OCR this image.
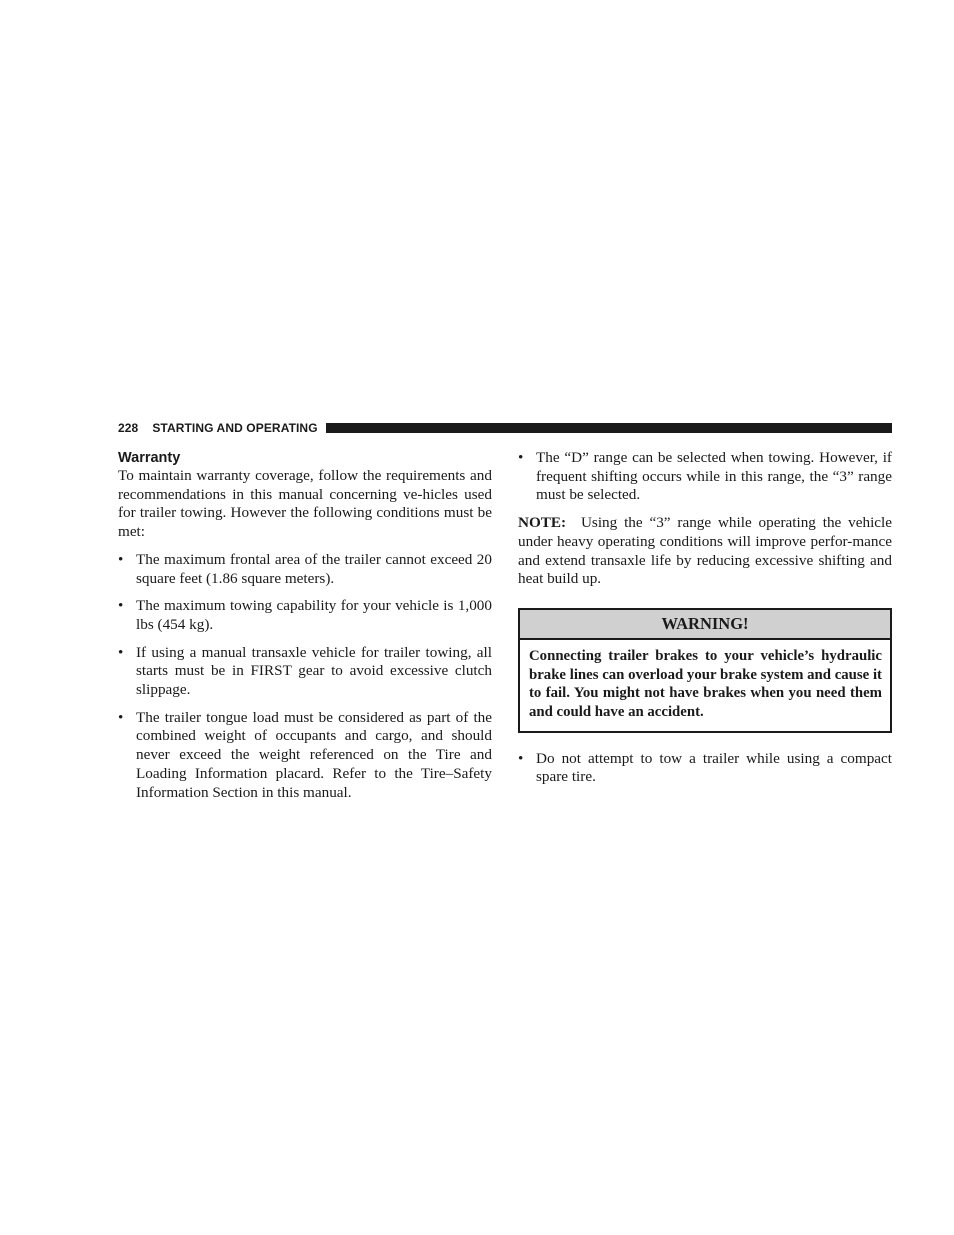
228 STARTING AND OPERATING
Warranty

To maintain warranty coverage, follow the requirements and recommendations in this manual concerning ve-hicles used for trailer towing. However the following conditions must be met:

• The maximum frontal area of the trailer cannot exceed 20 square feet (1.86 square meters).
• The maximum towing capability for your vehicle is 1,000 lbs (454 kg).
• If using a manual transaxle vehicle for trailer towing, all starts must be in FIRST gear to avoid excessive clutch slippage.
• The trailer tongue load must be considered as part of the combined weight of occupants and cargo, and should never exceed the weight referenced on the Tire and Loading Information placard. Refer to the Tire–Safety Information Section in this manual.
• The “D” range can be selected when towing. However, if frequent shifting occurs while in this range, the “3” range must be selected.

NOTE: Using the “3” range while operating the vehicle under heavy operating conditions will improve perfor-mance and extend transaxle life by reducing excessive shifting and heat build up.

WARNING!
Connecting trailer brakes to your vehicle’s hydraulic brake lines can overload your brake system and cause it to fail. You might not have brakes when you need them and could have an accident.
• Do not attempt to tow a trailer while using a compact spare tire.
